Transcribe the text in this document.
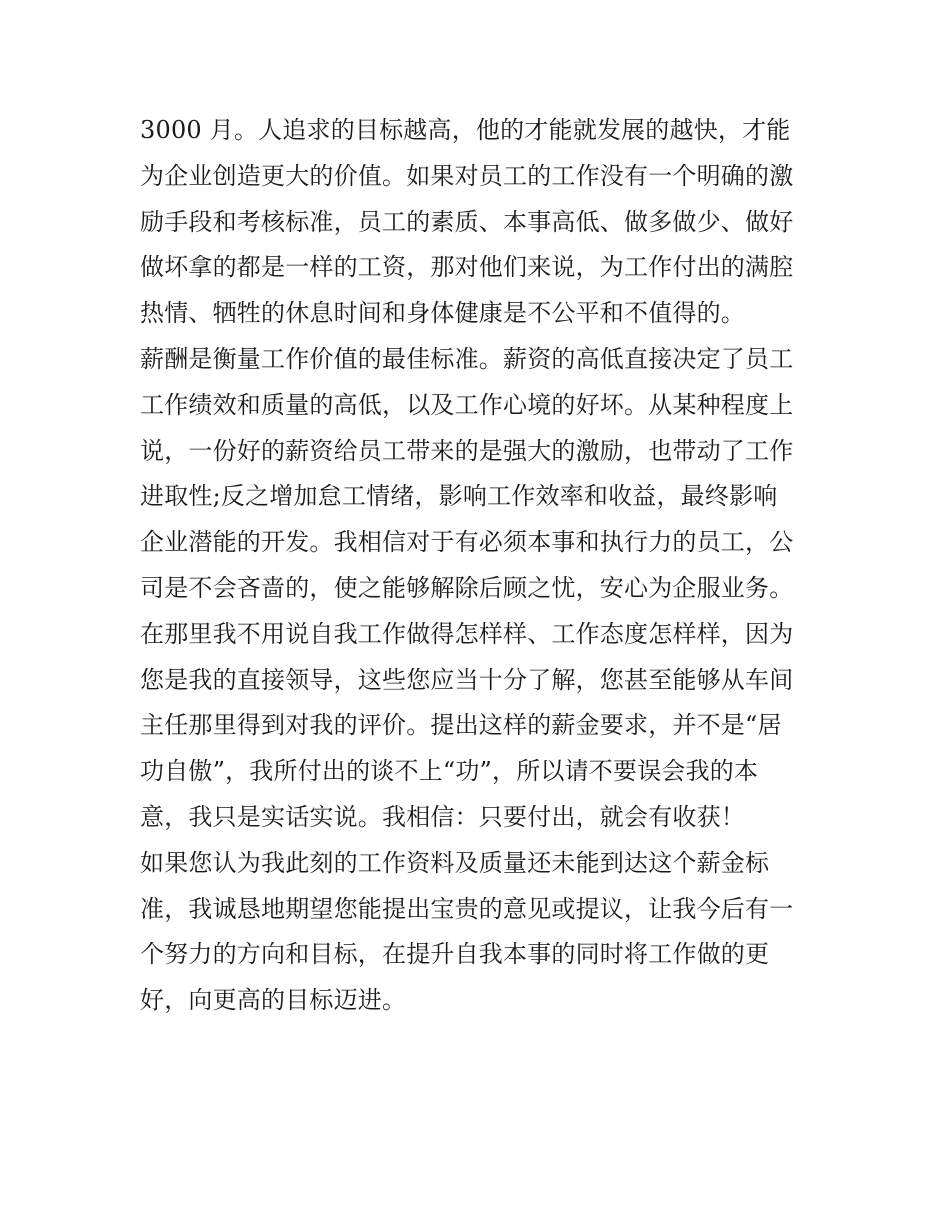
3000 月。人追求的目标越高，他的才能就发展的越快，才能
为企业创造更大的价值。如果对员工的工作没有一个明确的激
励手段和考核标准，员工的素质、本事高低、做多做少、做好
做坏拿的都是一样的工资，那对他们来说，为工作付出的满腔
热情、牺牲的休息时间和身体健康是不公平和不值得的。
薪酬是衡量工作价值的最佳标准。薪资的高低直接决定了员工
工作绩效和质量的高低，以及工作心境的好坏。从某种程度上
说，一份好的薪资给员工带来的是强大的激励，也带动了工作
进取性;反之增加怠工情绪，影响工作效率和收益，最终影响
企业潜能的开发。我相信对于有必须本事和执行力的员工，公
司是不会吝啬的，使之能够解除后顾之忧，安心为企服业务。
在那里我不用说自我工作做得怎样样、工作态度怎样样，因为
您是我的直接领导，这些您应当十分了解，您甚至能够从车间
主任那里得到对我的评价。提出这样的薪金要求，并不是“居
功自傲”，我所付出的谈不上“功”，所以请不要误会我的本
意，我只是实话实说。我相信：只要付出，就会有收获！
如果您认为我此刻的工作资料及质量还未能到达这个薪金标
准，我诚恳地期望您能提出宝贵的意见或提议，让我今后有一
个努力的方向和目标，在提升自我本事的同时将工作做的更
好，向更高的目标迈进。
